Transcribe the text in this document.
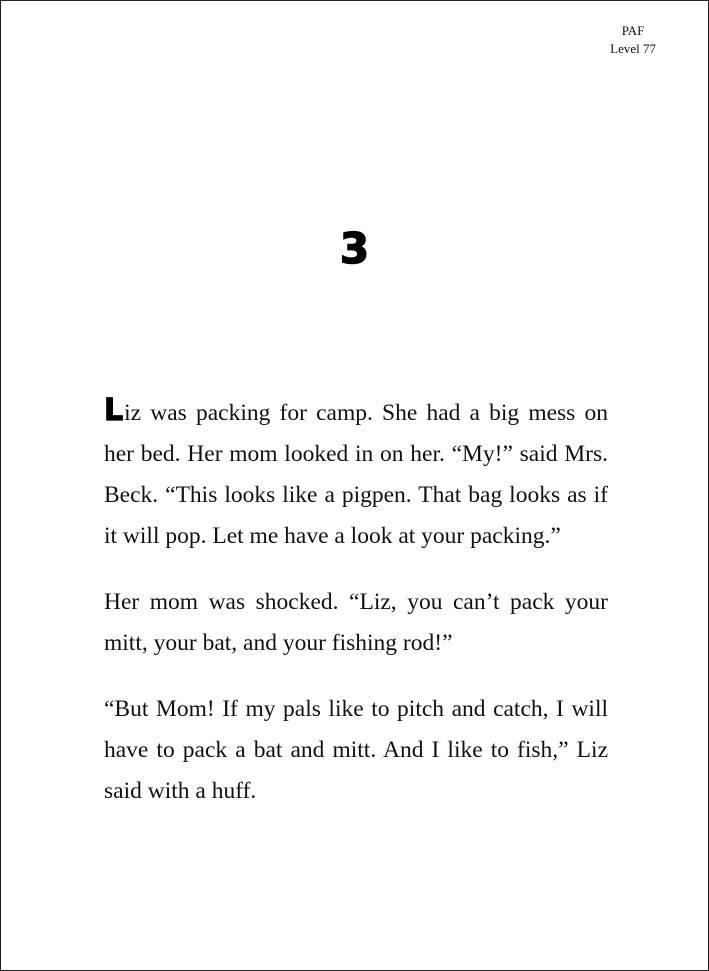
PAF
Level 77
3

Liz was packing for camp. She had a big mess on her bed. Her mom looked in on her. “My!” said Mrs. Beck. “This looks like a pigpen. That bag looks as if it will pop. Let me have a look at your packing.”

Her mom was shocked. “Liz, you can’t pack your mitt, your bat, and your fishing rod!”

“But Mom! If my pals like to pitch and catch, I will have to pack a bat and mitt. And I like to fish,” Liz said with a huff.
